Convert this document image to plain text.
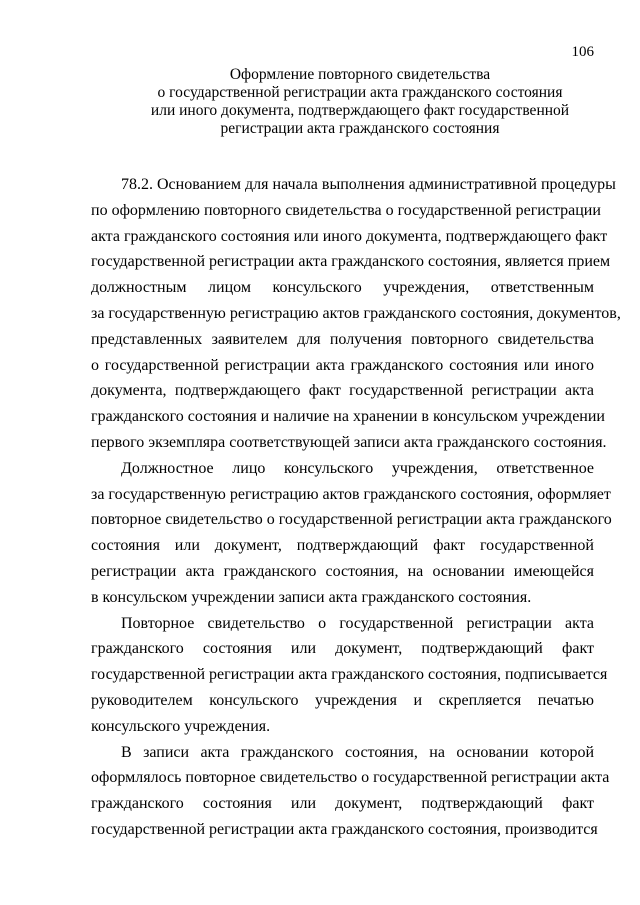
106
Оформление повторного свидетельства
о государственной регистрации акта гражданского состояния
или иного документа, подтверждающего факт государственной
регистрации акта гражданского состояния
78.2. Основанием для начала выполнения административной процедуры
по оформлению повторного свидетельства о государственной регистрации
акта гражданского состояния или иного документа, подтверждающего факт
государственной регистрации акта гражданского состояния, является прием
должностным лицом консульского учреждения, ответственным
за государственную регистрацию актов гражданского состояния, документов,
представленных заявителем для получения повторного свидетельства
о государственной регистрации акта гражданского состояния или иного
документа, подтверждающего факт государственной регистрации акта
гражданского состояния и наличие на хранении в консульском учреждении
первого экземпляра соответствующей записи акта гражданского состояния.
Должностное лицо консульского учреждения, ответственное
за государственную регистрацию актов гражданского состояния, оформляет
повторное свидетельство о государственной регистрации акта гражданского
состояния или документ, подтверждающий факт государственной
регистрации акта гражданского состояния, на основании имеющейся
в консульском учреждении записи акта гражданского состояния.
Повторное свидетельство о государственной регистрации акта
гражданского состояния или документ, подтверждающий факт
государственной регистрации акта гражданского состояния, подписывается
руководителем консульского учреждения и скрепляется печатью
консульского учреждения.
В записи акта гражданского состояния, на основании которой
оформлялось повторное свидетельство о государственной регистрации акта
гражданского состояния или документ, подтверждающий факт
государственной регистрации акта гражданского состояния, производится
